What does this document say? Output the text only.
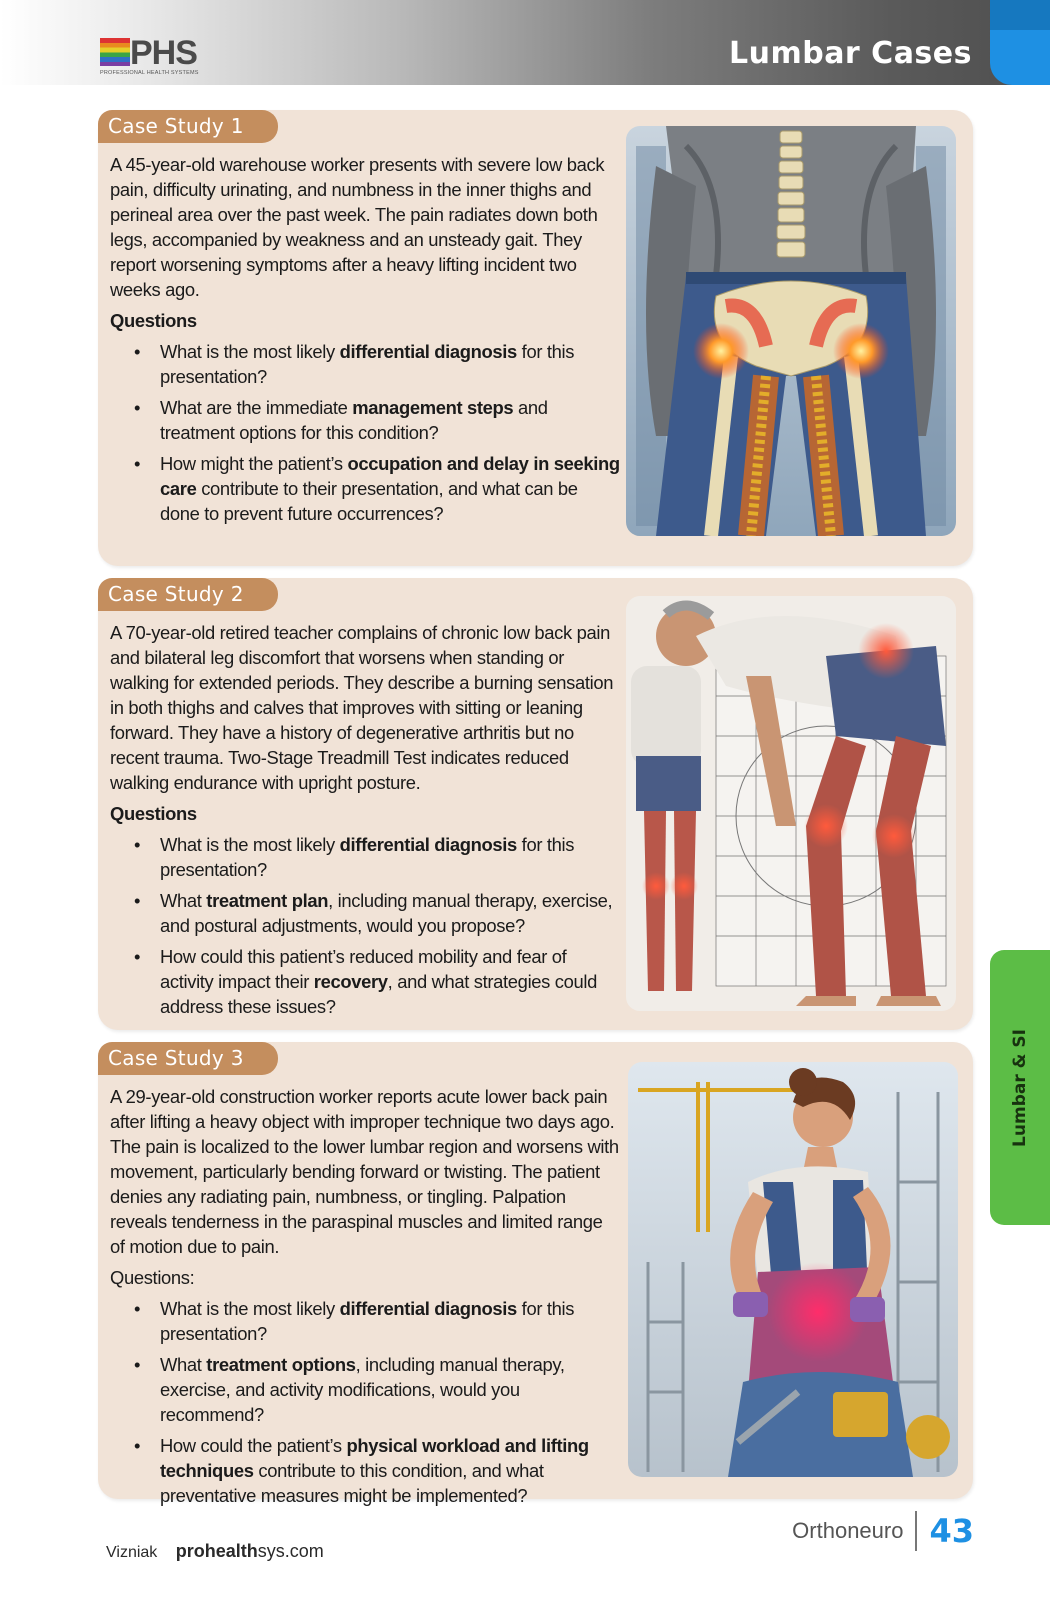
PHS
PROFESSIONAL HEALTH SYSTEMS
Lumbar Cases
Lumbar & SI
Case Study 1

A 45-year-old warehouse worker presents with severe low back pain, difficulty urinating, and numbness in the inner thighs and perineal area over the past week. The pain radiates down both legs, accompanied by weakness and an unsteady gait. They report worsening symptoms after a heavy lifting incident two weeks ago.

Questions

• What is the most likely differential diagnosis for this presentation?
• What are the immediate management steps and treatment options for this condition?
• How might the patient’s occupation and delay in seeking care contribute to their presentation, and what can be done to prevent future occurrences?
Case Study 2

A 70-year-old retired teacher complains of chronic low back pain and bilateral leg discomfort that worsens when standing or walking for extended periods. They describe a burning sensation in both thighs and calves that improves with sitting or leaning forward. They have a history of degenerative arthritis but no recent trauma. Two-Stage Treadmill Test indicates reduced walking endurance with upright posture.

Questions

• What is the most likely differential diagnosis for this presentation?
• What treatment plan, including manual therapy, exercise, and postural adjustments, would you propose?
• How could this patient’s reduced mobility and fear of activity impact their recovery, and what strategies could address these issues?
Case Study 3

A 29-year-old construction worker reports acute lower back pain after lifting a heavy object with improper technique two days ago. The pain is localized to the lower lumbar region and worsens with movement, particularly bending forward or twisting. The patient denies any radiating pain, numbness, or tingling. Palpation reveals tenderness in the paraspinal muscles and limited range of motion due to pain.

Questions:

• What is the most likely differential diagnosis for this presentation?
• What treatment options, including manual therapy, exercise, and activity modifications, would you recommend?
• How could the patient’s physical workload and lifting techniques contribute to this condition, and what preventative measures might be implemented?
Vizniak prohealthsys.com
Orthoneuro 43
